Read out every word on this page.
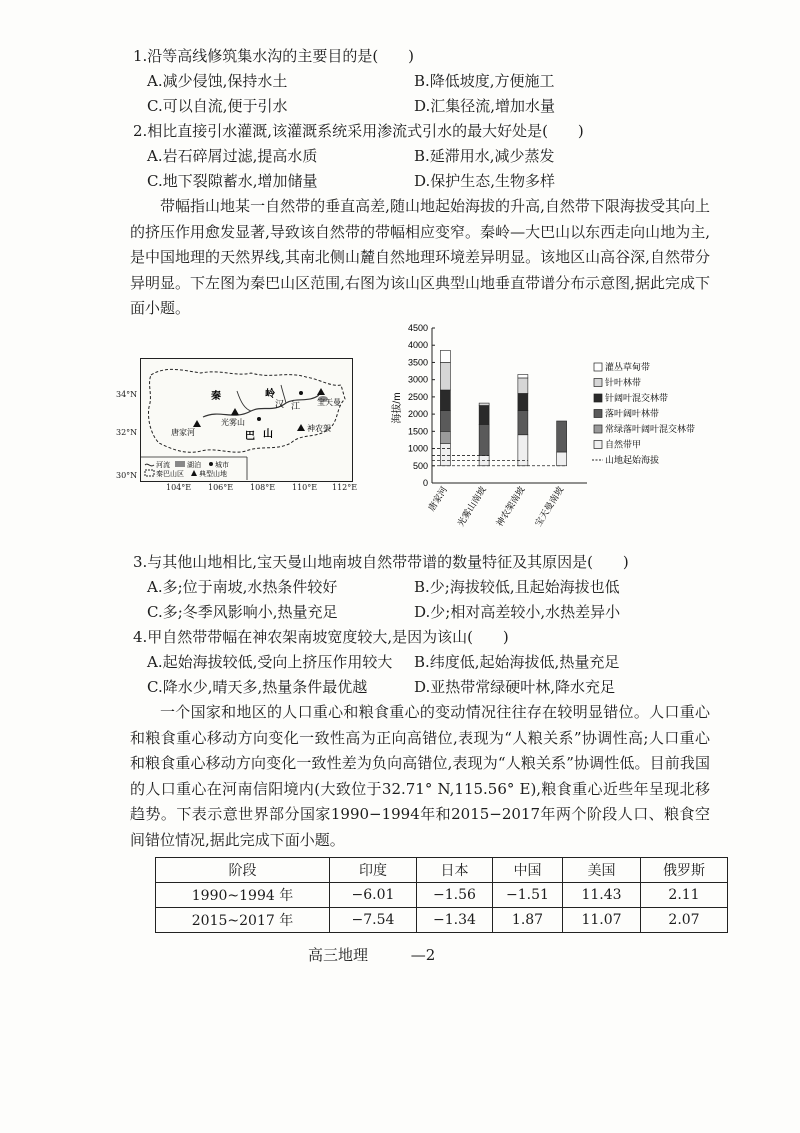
1.沿等高线修筑集水沟的主要目的是(　　)
A.减少侵蚀,保持水土	B.降低坡度,方便施工
C.可以自流,便于引水	D.汇集径流,增加水量
2.相比直接引水灌溉,该灌溉系统采用渗流式引水的最大好处是(　　)
A.岩石碎屑过滤,提高水质	B.延滞用水,减少蒸发
C.地下裂隙蓄水,增加储量	D.保护生态,生物多样

带幅指山地某一自然带的垂直高差,随山地起始海拔的升高,自然带下限海拔受其向上的挤压作用愈发显著,导致该自然带的带幅相应变窄。秦岭—大巴山以东西走向山地为主,是中国地理的天然界线,其南北侧山麓自然地理环境差异明显。该地区山高谷深,自然带分异明显。下左图为秦巴山区范围,右图为该山区典型山地垂直带谱分布示意图,据此完成下面小题。

秦	岭
巴 山
汉 江
唐家河
光雾山
神农架
宝天曼
河流 湖泊 城市
秦巴山区 典型山地
34°N
32°N
30°N
104°E 106°E 108°E 110°E 112°E	0
500
1000
1500
2000
2500
3000
3500
4000
4500
海拔/m
唐家河 光雾山南坡 神农架南坡 宝天曼南坡
灌丛草甸带
针叶林带
针阔叶混交林带
落叶阔叶林带
常绿落叶阔叶混交林带
自然带甲
山地起始海拔
3.与其他山地相比,宝天曼山地南坡自然带带谱的数量特征及其原因是(　　)
A.多;位于南坡,水热条件较好	B.少;海拔较低,且起始海拔也低
C.多;冬季风影响小,热量充足	D.少;相对高差较小,水热差异小
4.甲自然带带幅在神农架南坡宽度较大,是因为该山(　　)
A.起始海拔较低,受向上挤压作用较大 B.纬度低,起始海拔低,热量充足
C.降水少,晴天多,热量条件最优越	D.亚热带常绿硬叶林,降水充足

一个国家和地区的人口重心和粮食重心的变动情况往往存在较明显错位。人口重心和粮食重心移动方向变化一致性高为正向高错位,表现为“人粮关系”协调性高;人口重心和粮食重心移动方向变化一致性差为负向高错位,表现为“人粮关系”协调性低。目前我国的人口重心在河南信阳境内(大致位于32.71° N,115.56° E),粮食重心近些年呈现北移趋势。下表示意世界部分国家1990−1994年和2015−2017年两个阶段人口、粮食空间错位情况,据此完成下面小题。

阶段	印度	日本	中国	美国	俄罗斯
1990~1994 年	−6.01	−1.56	−1.51	11.43	2.11
2015~2017 年	−7.54	−1.34	1.87	11.07	2.07
高三地理	—2
